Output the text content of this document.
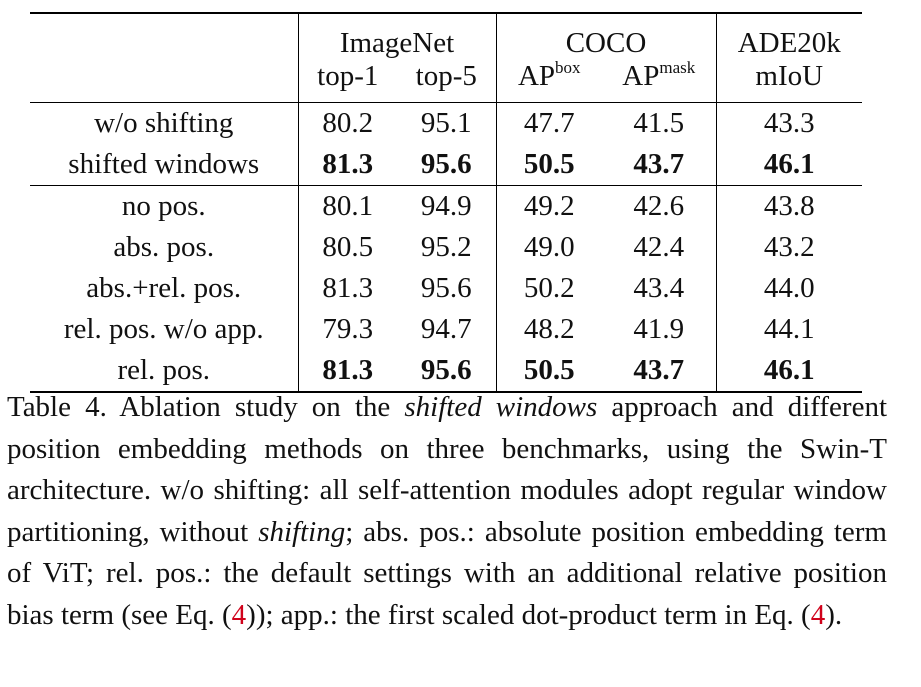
	ImageNet		COCO		ADE20k
	top-1	top-5	$AP^{box}$	$AP^{mask}$	mIoU
w/o shifting	80.2	95.1	47.7	41.5	43.3
shifted windows	81.3	95.6	50.5	43.7	46.1
no pos.	80.1	94.9	49.2	42.6	43.8
abs. pos.	80.5	95.2	49.0	42.4	43.2
abs.+rel. pos.	81.3	95.6	50.2	43.4	44.0
rel. pos. w/o app.	79.3	94.7	48.2	41.9	44.1
rel. pos.	81.3	95.6	50.5	43.7	46.1
Table 4. Ablation study on the shifted windows approach and different position embedding methods on three benchmarks, using the Swin-T architecture. w/o shifting: all self-attention modules adopt regular window partitioning, without shifting; abs. pos.: absolute position embedding term of ViT; rel. pos.: the default settings with an additional relative position bias term (see Eq. (4)); app.: the first scaled dot-product term in Eq. (4).
